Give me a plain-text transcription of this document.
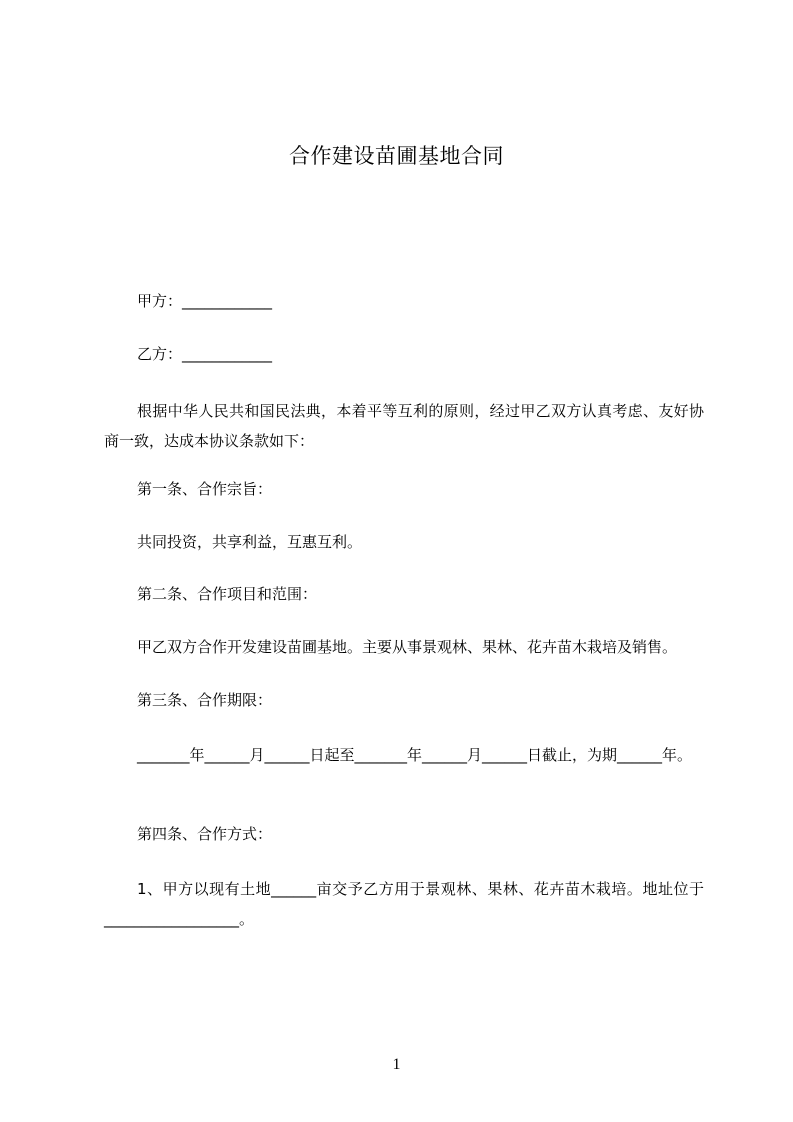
合作建设苗圃基地合同
甲方：____________
乙方：____________
根据中华人民共和国民法典，本着平等互利的原则，经过甲乙双方认真考虑、友好协商一致，达成本协议条款如下：
第一条、合作宗旨：
共同投资，共享利益，互惠互利。
第二条、合作项目和范围：
甲乙双方合作开发建设苗圃基地。主要从事景观林、果林、花卉苗木栽培及销售。
第三条、合作期限：
_______年______月______日起至_______年______月______日截止，为期______年。
第四条、合作方式：
1、甲方以现有土地______亩交予乙方用于景观林、果林、花卉苗木栽培。地址位于__________________。
1
